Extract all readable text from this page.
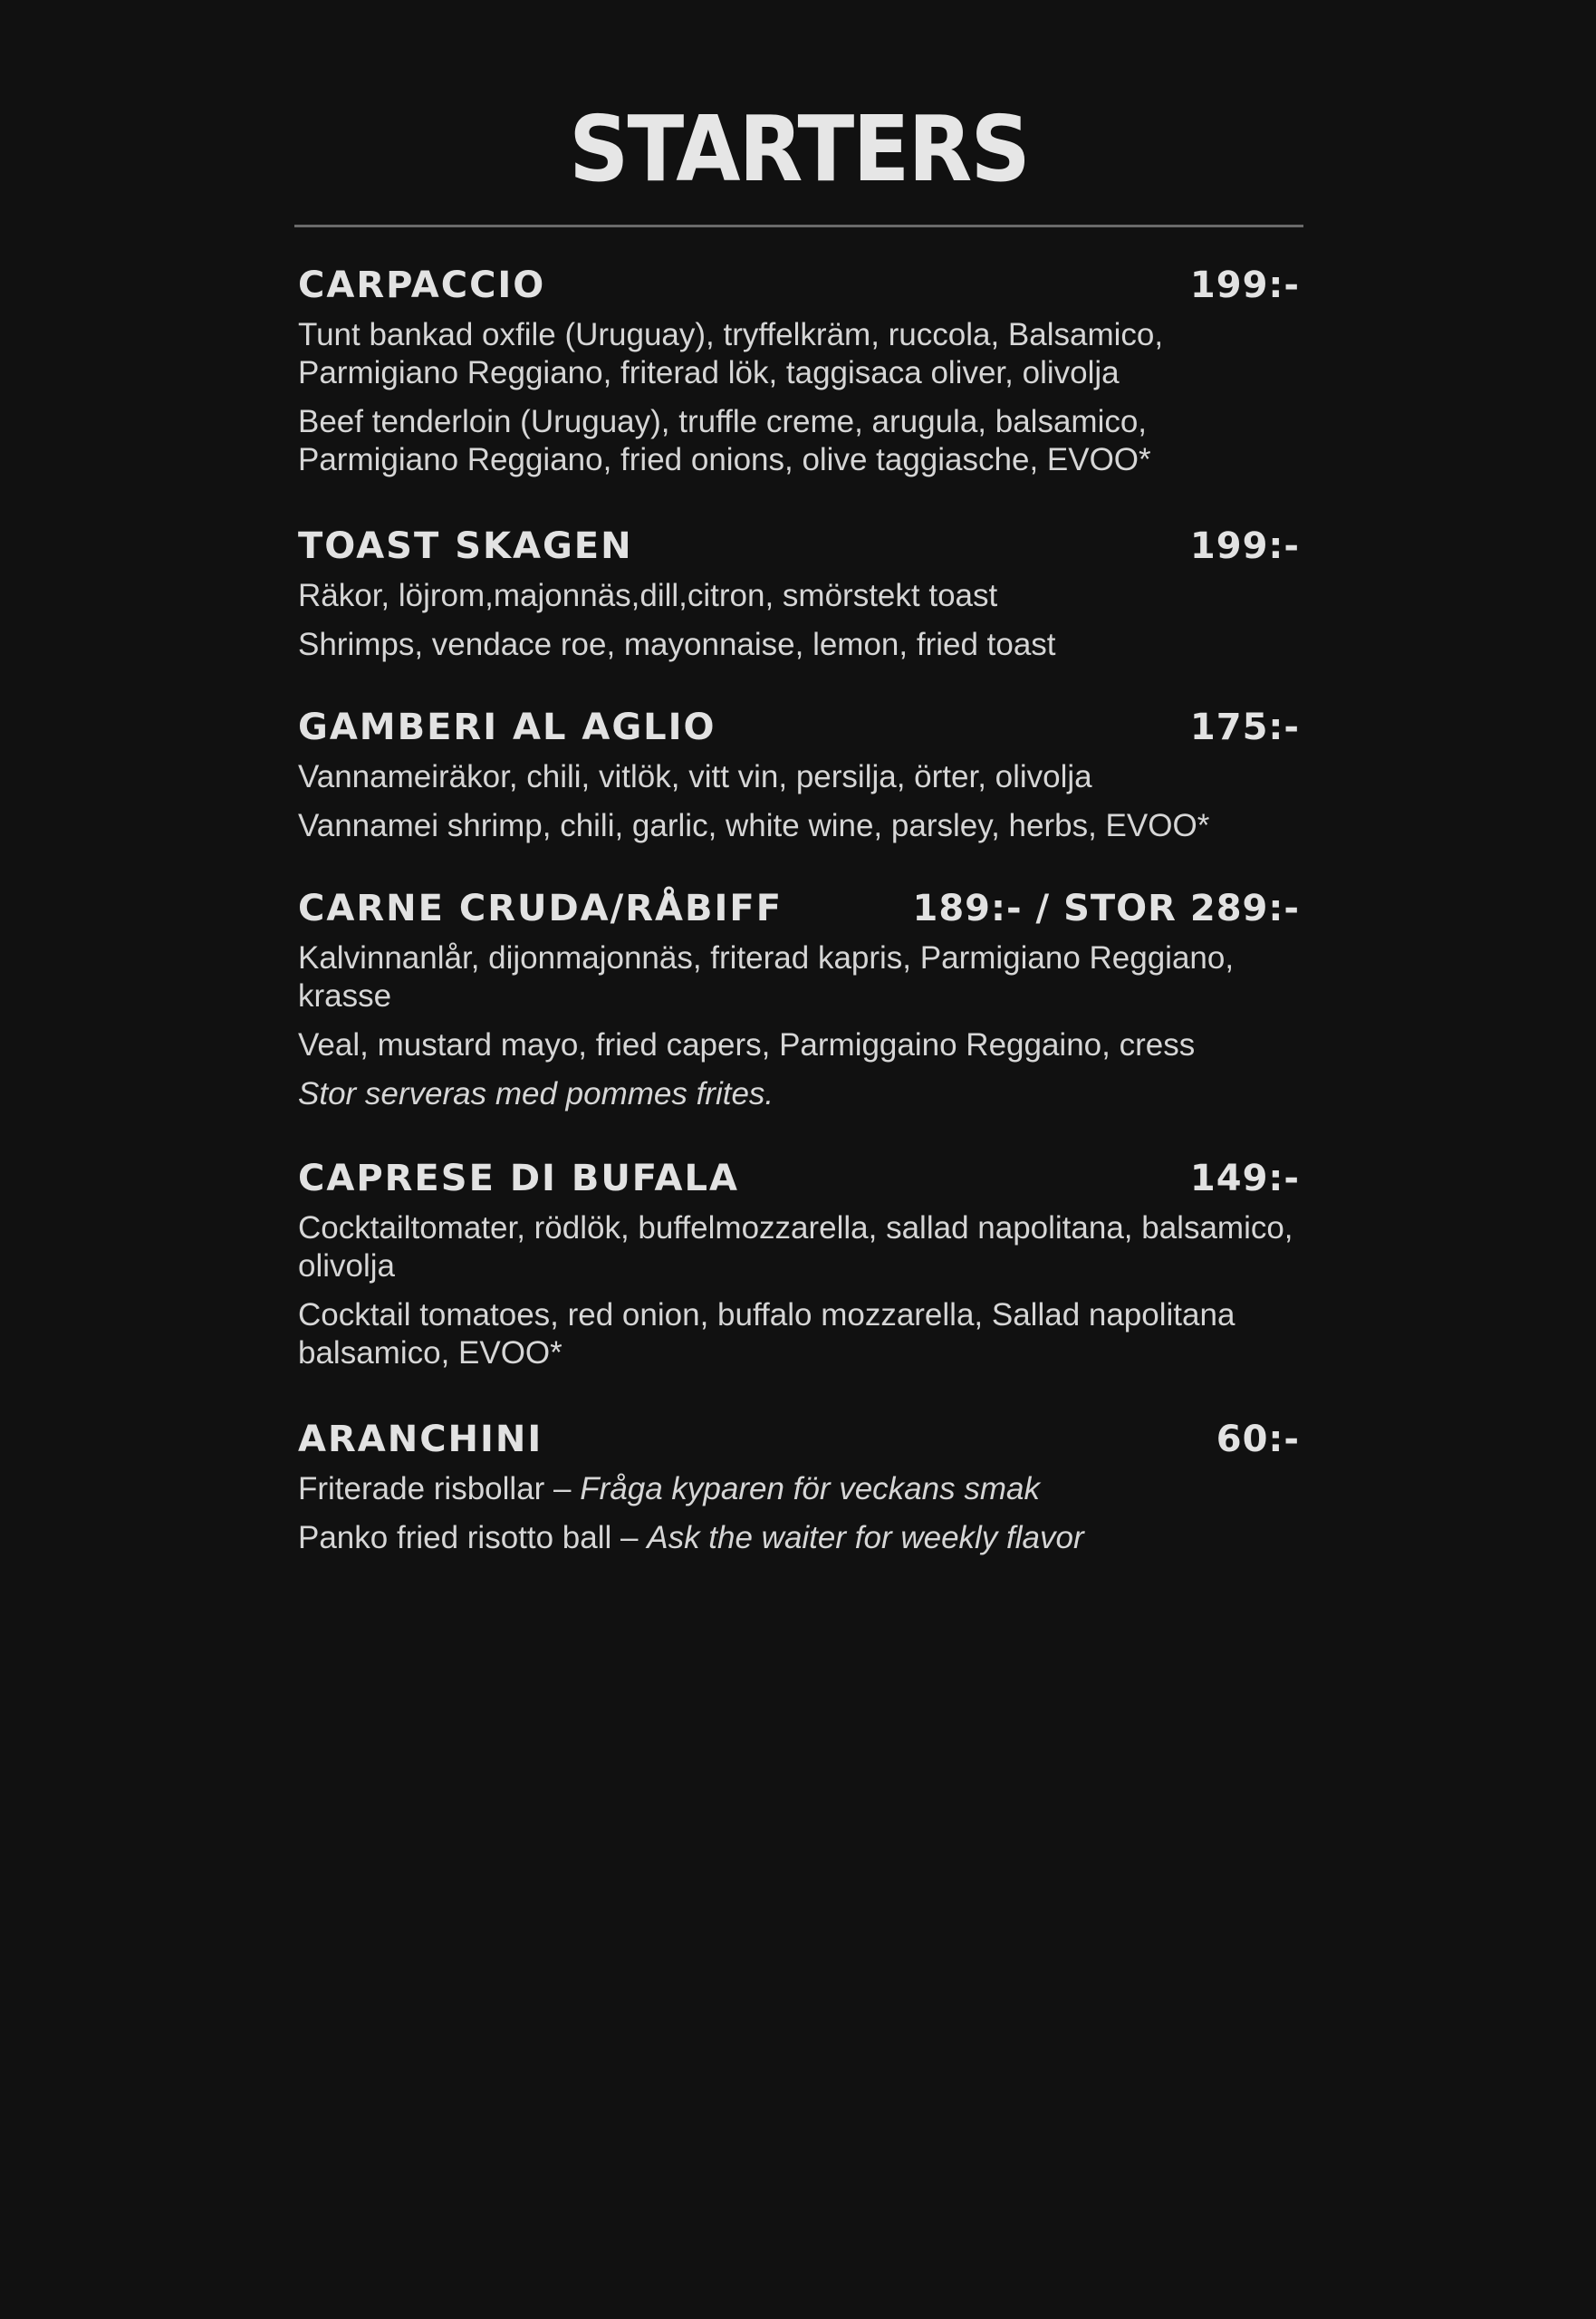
STARTERS
CARPACCIO	199:-

Tunt bankad oxfile (Uruguay), tryffelkräm, ruccola, Balsamico, Parmigiano Reggiano, friterad lök, taggisaca oliver, olivolja

Beef tenderloin (Uruguay), truffle creme, arugula, balsamico, Parmigiano Reggiano, fried onions, olive taggiasche, EVOO*

TOAST SKAGEN	199:-

Räkor, löjrom,majonnäs,dill,citron, smörstekt toast

Shrimps, vendace roe, mayonnaise, lemon, fried toast

GAMBERI AL AGLIO	175:-

Vannameiräkor, chili, vitlök, vitt vin, persilja, örter, olivolja

Vannamei shrimp, chili, garlic, white wine, parsley, herbs, EVOO*

CARNE CRUDA/RÅBIFF	189:- / STOR 289:-

Kalvinnanlår, dijonmajonnäs, friterad kapris, Parmigiano Reggiano, krasse

Veal, mustard mayo, fried capers, Parmiggaino Reggaino, cress

Stor serveras med pommes frites.

CAPRESE DI BUFALA	149:-

Cocktailtomater, rödlök, buffelmozzarella, sallad napolitana, balsamico, olivolja

Cocktail tomatoes, red onion, buffalo mozzarella, Sallad napolitana balsamico, EVOO*

ARANCHINI	60:-

Friterade risbollar – Fråga kyparen för veckans smak

Panko fried risotto ball – Ask the waiter for weekly flavor
